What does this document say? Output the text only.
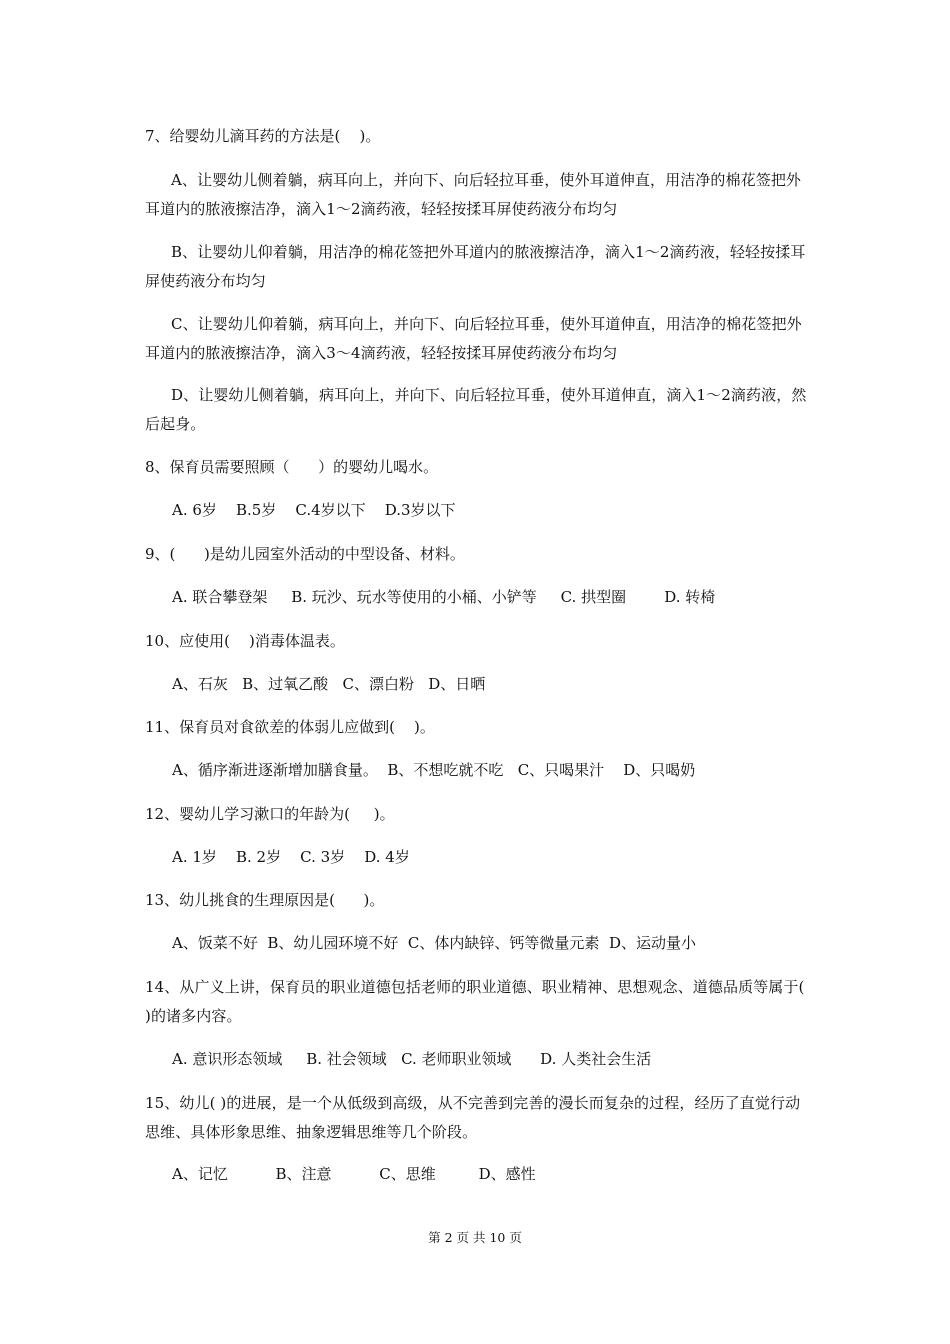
7、给婴幼儿滴耳药的方法是(    )。
A、让婴幼儿侧着躺，病耳向上，并向下、向后轻拉耳垂，使外耳道伸直，用洁净的棉花签把外耳道内的脓液擦洁净，滴入1～2滴药液，轻轻按揉耳屏使药液分布均匀
B、让婴幼儿仰着躺，用洁净的棉花签把外耳道内的脓液擦洁净，滴入1～2滴药液，轻轻按揉耳屏使药液分布均匀
C、让婴幼儿仰着躺，病耳向上，并向下、向后轻拉耳垂，使外耳道伸直，用洁净的棉花签把外耳道内的脓液擦洁净，滴入3～4滴药液，轻轻按揉耳屏使药液分布均匀
D、让婴幼儿侧着躺，病耳向上，并向下、向后轻拉耳垂，使外耳道伸直，滴入1～2滴药液，然后起身。
8、保育员需要照顾（      ）的婴幼儿喝水。
A. 6岁    B.5岁    C.4岁以下    D.3岁以下
9、(      )是幼儿园室外活动的中型设备、材料。
A. 联合攀登架     B. 玩沙、玩水等使用的小桶、小铲等     C. 拱型圈        D. 转椅
10、应使用(    )消毒体温表。
A、石灰   B、过氧乙酸   C、漂白粉   D、日晒
11、保育员对食欲差的体弱儿应做到(    )。
A、循序渐进逐渐增加膳食量。  B、不想吃就不吃   C、只喝果汁    D、只喝奶
12、婴幼儿学习漱口的年龄为(     )。
A. 1岁    B. 2岁    C. 3岁    D. 4岁
13、幼儿挑食的生理原因是(      )。
A、饭菜不好  B、幼儿园环境不好  C、体内缺锌、钙等微量元素  D、运动量小
14、从广义上讲，保育员的职业道德包括老师的职业道德、职业精神、思想观念、道德品质等属于( )的诸多内容。
A. 意识形态领域     B. 社会领域   C. 老师职业领域      D. 人类社会生活
15、幼儿( )的进展，是一个从低级到高级，从不完善到完善的漫长而复杂的过程，经历了直觉行动思维、具体形象思维、抽象逻辑思维等几个阶段。
A、记忆          B、注意          C、思维         D、感性
第 2 页 共 10 页
